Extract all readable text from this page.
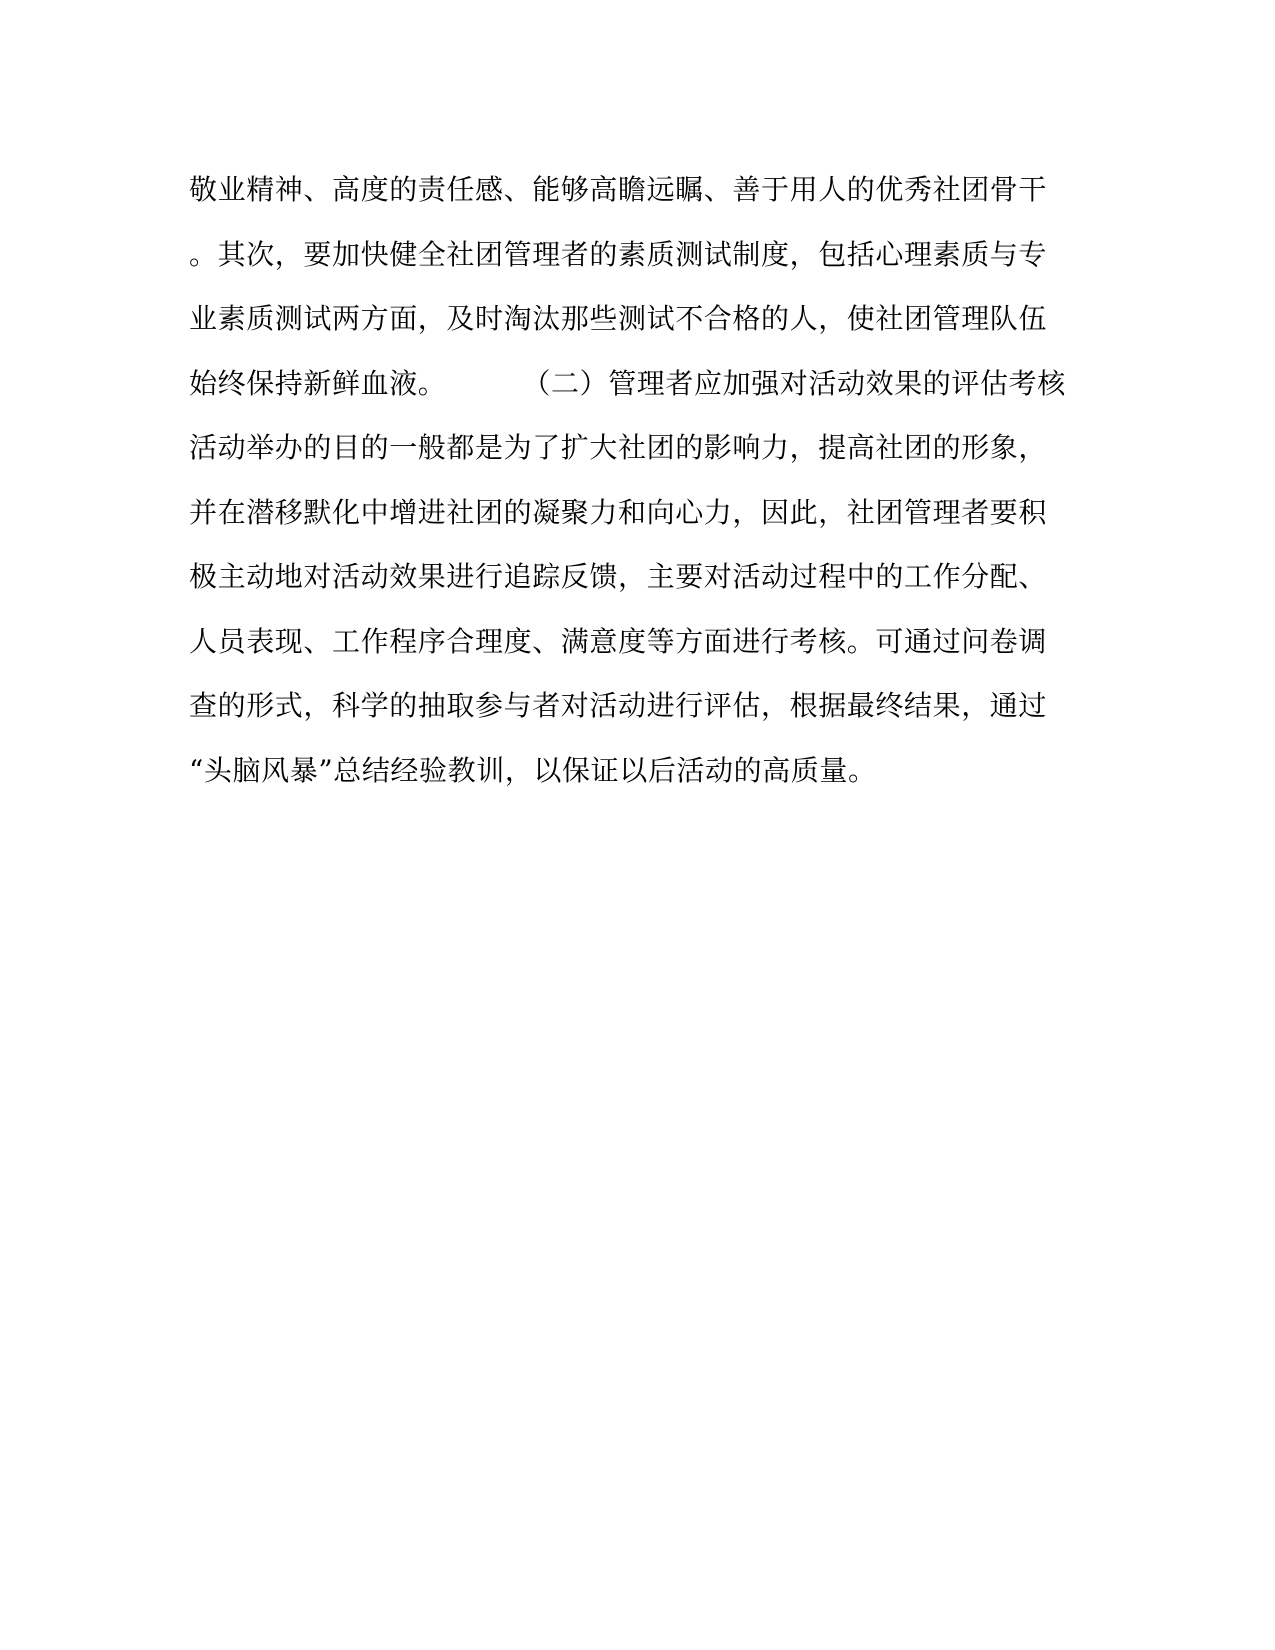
敬业精神、高度的责任感、能够高瞻远瞩、善于用人的优秀社团骨干
。其次，要加快健全社团管理者的素质测试制度，包括心理素质与专
业素质测试两方面，及时淘汰那些测试不合格的人，使社团管理队伍
始终保持新鲜血液。        （二）管理者应加强对活动效果的评估考核
活动举办的目的一般都是为了扩大社团的影响力，提高社团的形象，
并在潜移默化中增进社团的凝聚力和向心力，因此，社团管理者要积
极主动地对活动效果进行追踪反馈，主要对活动过程中的工作分配、
人员表现、工作程序合理度、满意度等方面进行考核。可通过问卷调
查的形式，科学的抽取参与者对活动进行评估，根据最终结果，通过
“头脑风暴”总结经验教训，以保证以后活动的高质量。
